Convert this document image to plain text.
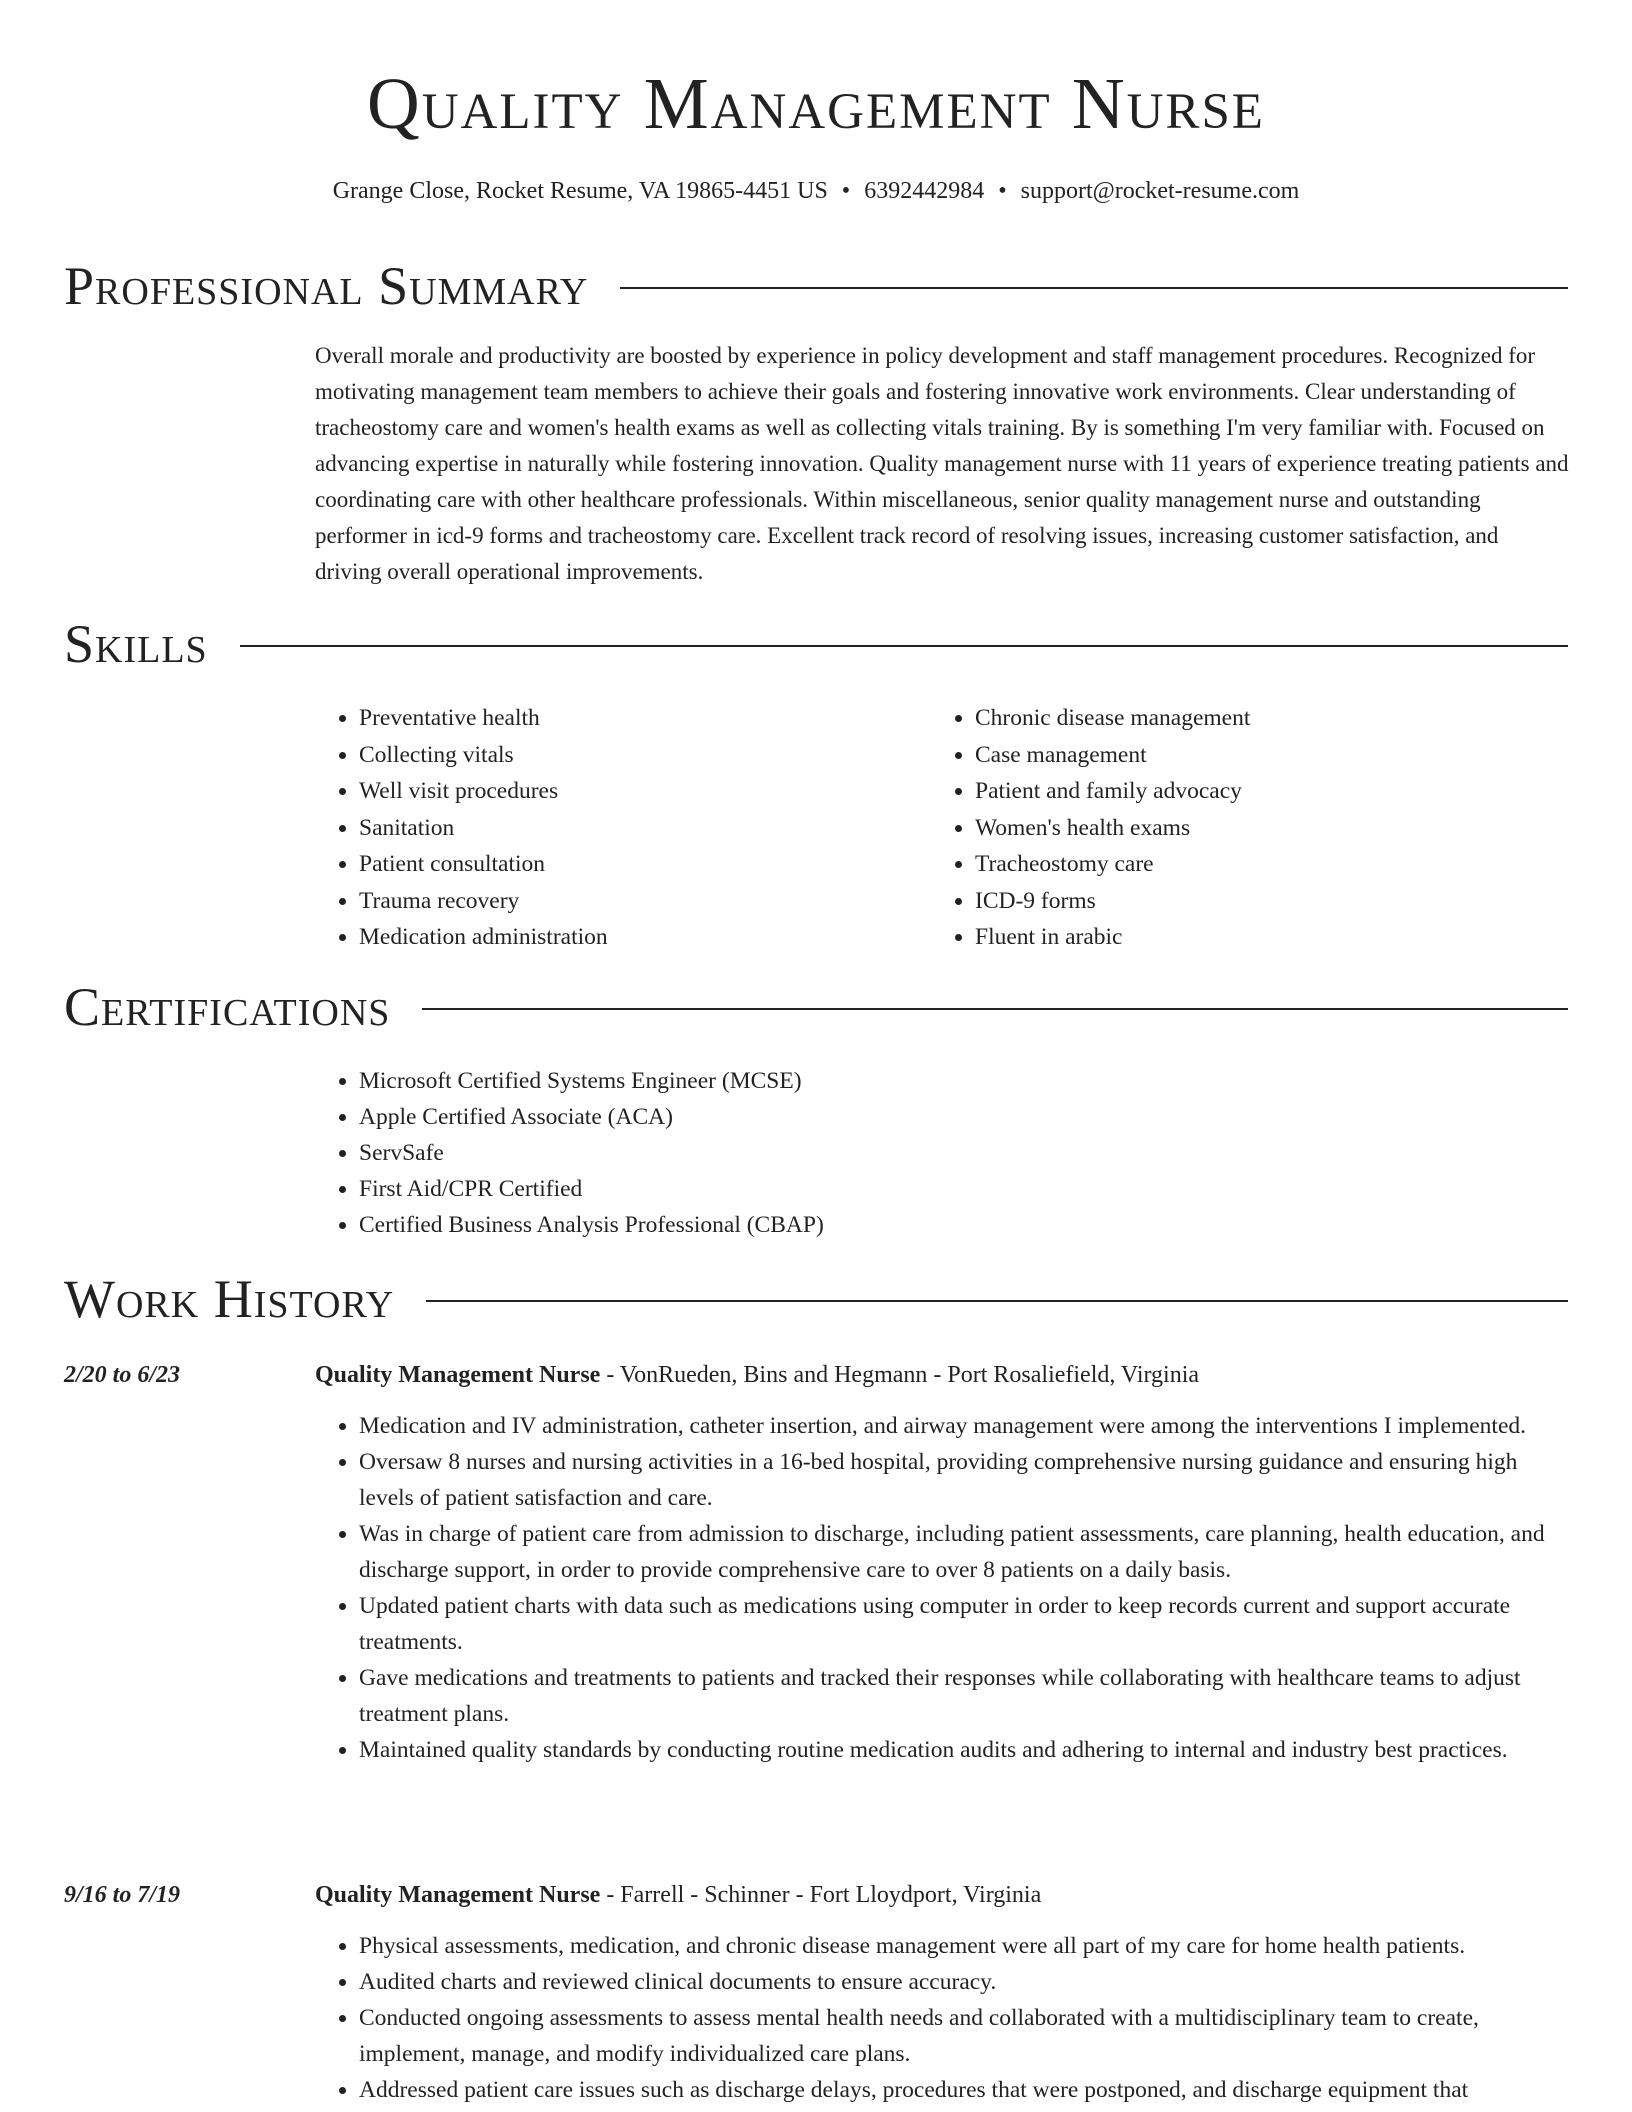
Quality Management Nurse
Grange Close, Rocket Resume, VA 19865-4451 US • 6392442984 • support@rocket-resume.com
Professional Summary

Overall morale and productivity are boosted by experience in policy development and staff management procedures. Recognized for motivating management team members to achieve their goals and fostering innovative work environments. Clear understanding of tracheostomy care and women's health exams as well as collecting vitals training. By is something I'm very familiar with. Focused on advancing expertise in naturally while fostering innovation. Quality management nurse with 11 years of experience treating patients and coordinating care with other healthcare professionals. Within miscellaneous, senior quality management nurse and outstanding performer in icd-9 forms and tracheostomy care. Excellent track record of resolving issues, increasing customer satisfaction, and driving overall operational improvements.

Skills
• Preventative health
• Collecting vitals
• Well visit procedures
• Sanitation
• Patient consultation
• Trauma recovery
• Medication administration
• Chronic disease management
• Case management
• Patient and family advocacy
• Women's health exams
• Tracheostomy care
• ICD-9 forms
• Fluent in arabic
Certifications
• Microsoft Certified Systems Engineer (MCSE)
• Apple Certified Associate (ACA)
• ServSafe
• First Aid/CPR Certified
• Certified Business Analysis Professional (CBAP)
Work History
2/20 to 6/23	Quality Management Nurse - VonRueden, Bins and Hegmann - Port Rosaliefield, Virginia
• Medication and IV administration, catheter insertion, and airway management were among the interventions I implemented.
• Oversaw 8 nurses and nursing activities in a 16-bed hospital, providing comprehensive nursing guidance and ensuring high levels of patient satisfaction and care.
• Was in charge of patient care from admission to discharge, including patient assessments, care planning, health education, and discharge support, in order to provide comprehensive care to over 8 patients on a daily basis.
• Updated patient charts with data such as medications using computer in order to keep records current and support accurate treatments.
• Gave medications and treatments to patients and tracked their responses while collaborating with healthcare teams to adjust treatment plans.
• Maintained quality standards by conducting routine medication audits and adhering to internal and industry best practices.
9/16 to 7/19	Quality Management Nurse - Farrell - Schinner - Fort Lloydport, Virginia
• Physical assessments, medication, and chronic disease management were all part of my care for home health patients.
• Audited charts and reviewed clinical documents to ensure accuracy.
• Conducted ongoing assessments to assess mental health needs and collaborated with a multidisciplinary team to create, implement, manage, and modify individualized care plans.
• Addressed patient care issues such as discharge delays, procedures that were postponed, and discharge equipment that
